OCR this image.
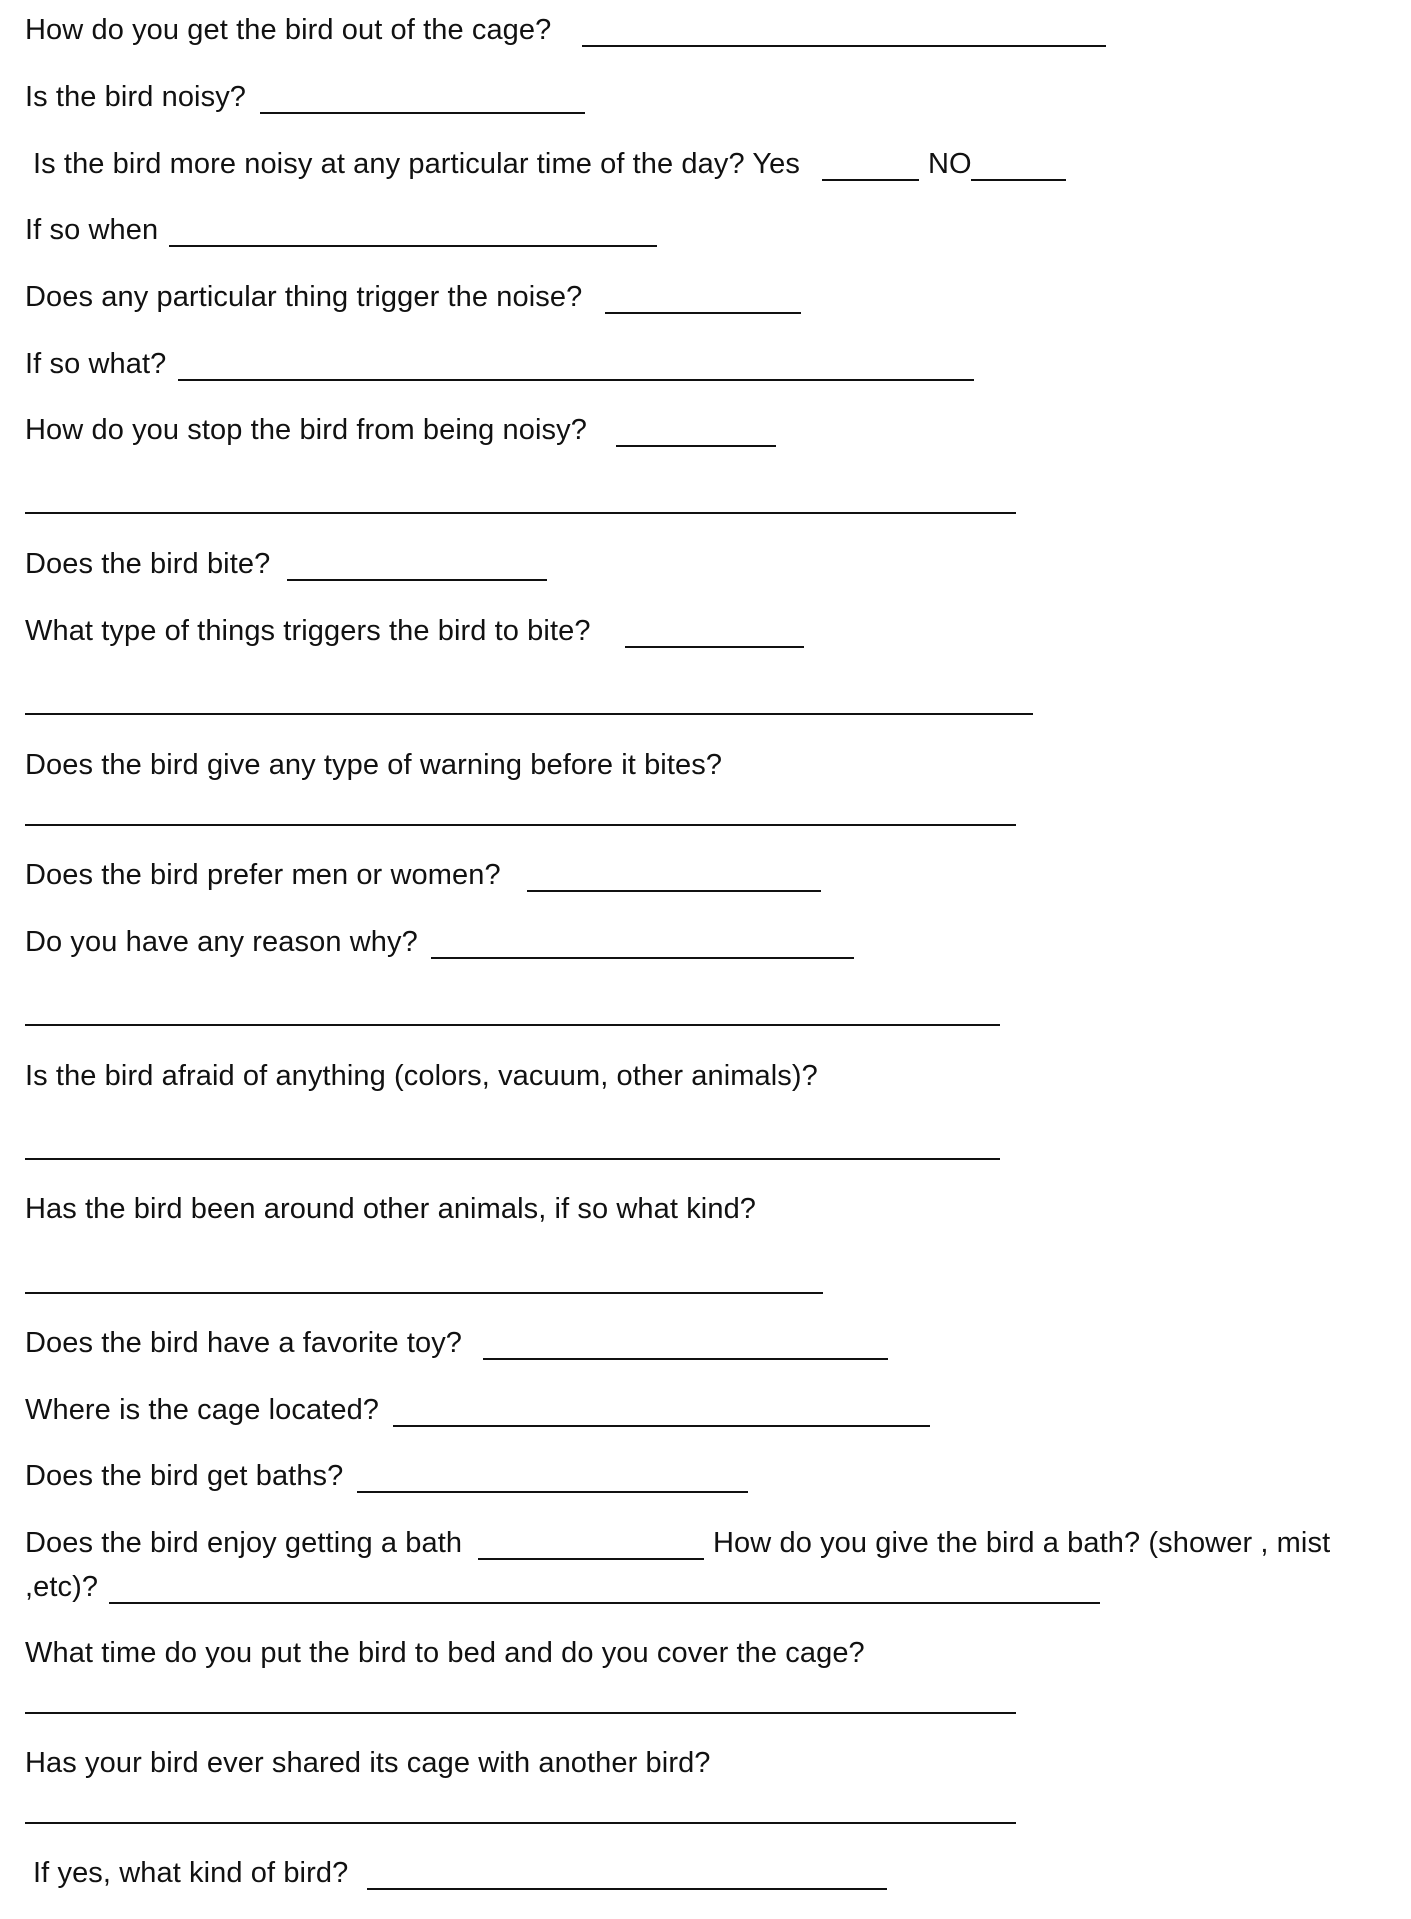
How do you get the bird out of the cage?
Is the bird noisy?
Is the bird more noisy at any particular time of the day? Yes	NO
If so when
Does any particular thing trigger the noise?
If so what?
How do you stop the bird from being noisy?
Does the bird bite?
What type of things triggers the bird to bite?
Does the bird give any type of warning before it bites?
Does the bird prefer men or women?
Do you have any reason why?
Is the bird afraid of anything (colors, vacuum, other animals)?
Has the bird been around other animals, if so what kind?
Does the bird have a favorite toy?
Where is the cage located?
Does the bird get baths?
Does the bird enjoy getting a bath	How do you give the bird a bath? (shower , mist
,etc)?
What time do you put the bird to bed and do you cover the cage?
Has your bird ever shared its cage with another bird?
If yes, what kind of bird?
